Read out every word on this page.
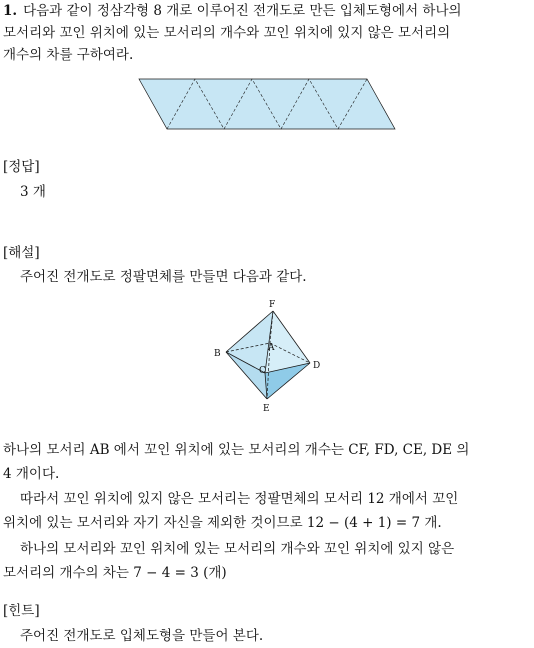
1. 다음과 같이 정삼각형 8 개로 이루어진 전개도로 만든 입체도형에서 하나의
모서리와 꼬인 위치에 있는 모서리의 개수와 꼬인 위치에 있지 않은 모서리의
개수의 차를 구하여라.
[정답]
3 개
[해설]
주어진 전개도로 정팔면체를 만들면 다음과 같다.
F
B
A
C	D
E
하나의 모서리 AB 에서 꼬인 위치에 있는 모서리의 개수는 CF, FD, CE, DE 의
4 개이다.
따라서 꼬인 위치에 있지 않은 모서리는 정팔면체의 모서리 12 개에서 꼬인
위치에 있는 모서리와 자기 자신을 제외한 것이므로 12 − (4 + 1) = 7 개.
하나의 모서리와 꼬인 위치에 있는 모서리의 개수와 꼬인 위치에 있지 않은
모서리의 개수의 차는 7 − 4 = 3 (개)
[힌트]
주어진 전개도로 입체도형을 만들어 본다.
